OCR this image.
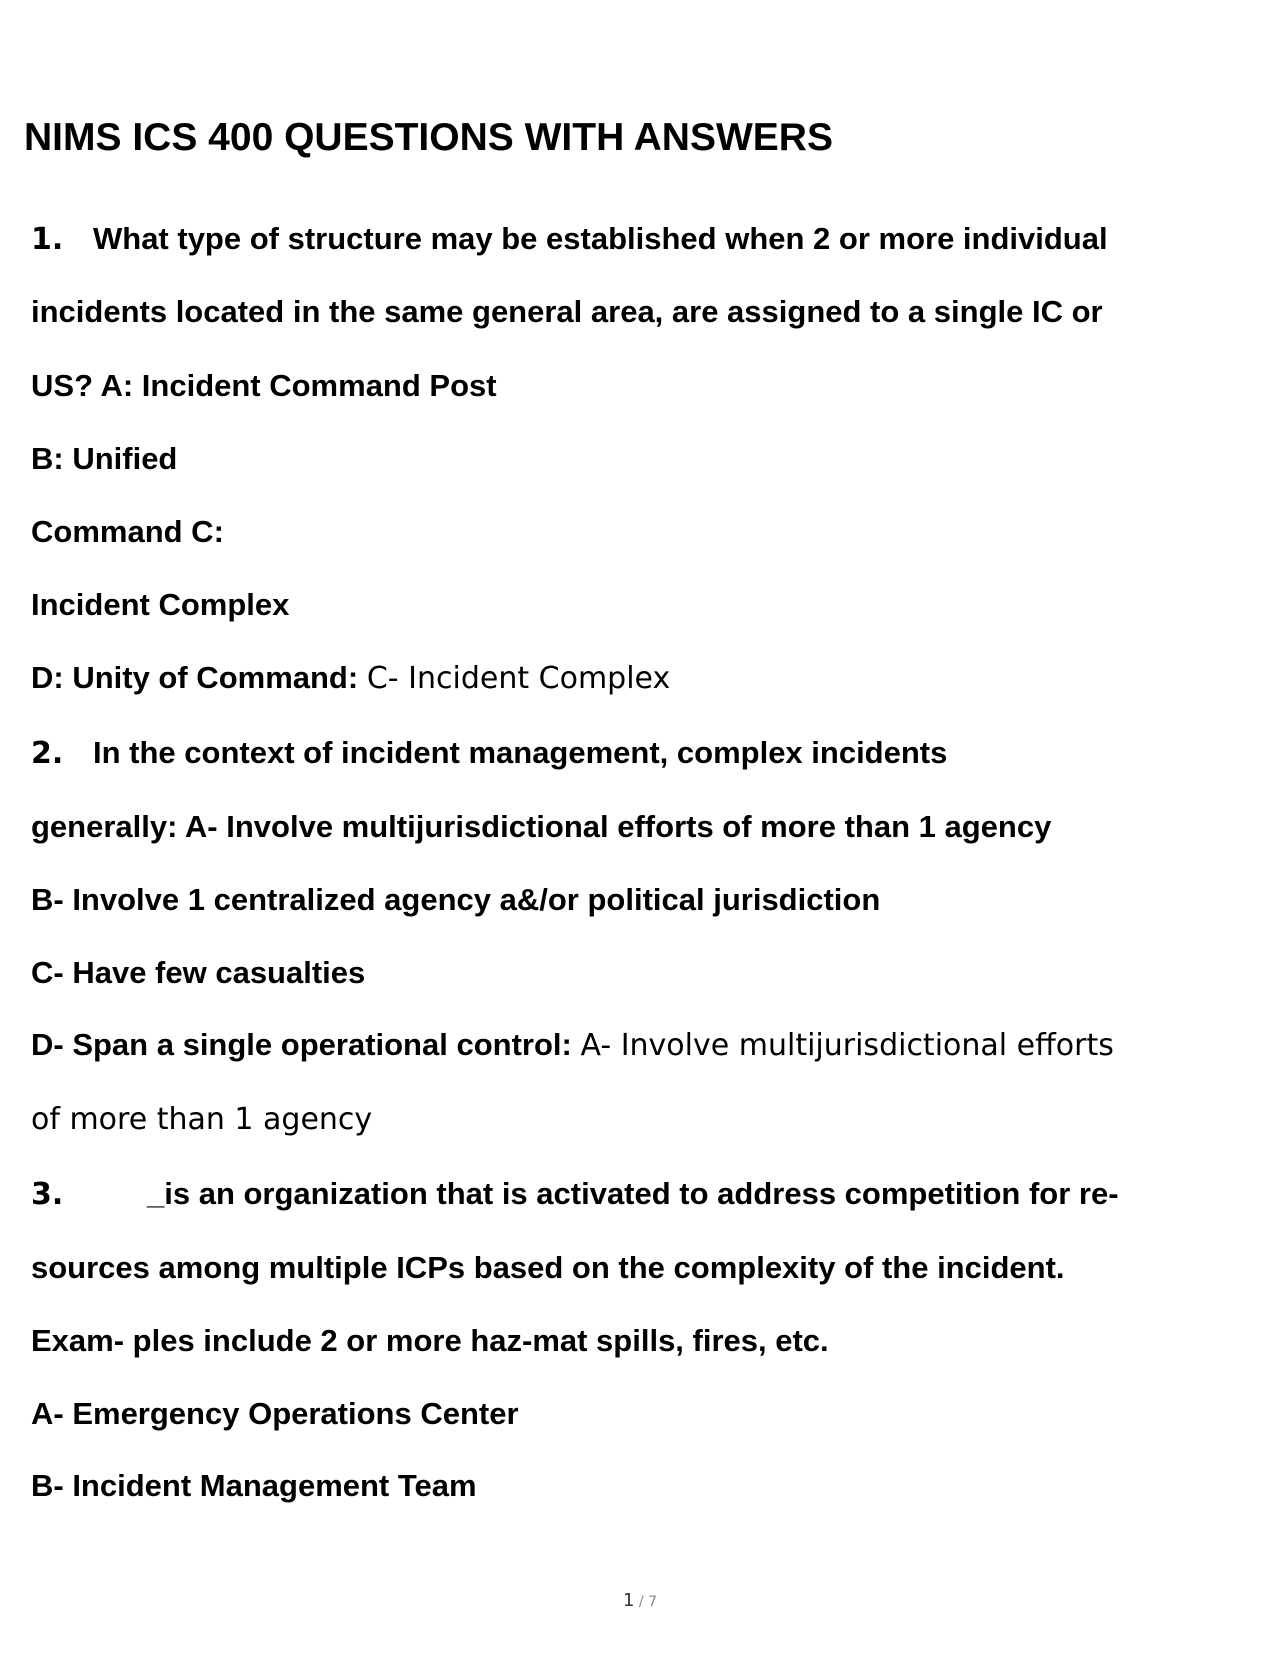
NIMS ICS 400 QUESTIONS WITH ANSWERS

1. What type of structure may be established when 2 or more individual

incidents located in the same general area, are assigned to a single IC or

US? A: Incident Command Post

B: Unified

Command C:

Incident Complex

D: Unity of Command: C- Incident Complex

2. In the context of incident management, complex incidents

generally: A- Involve multijurisdictional efforts of more than 1 agency

B- Involve 1 centralized agency a&/or political jurisdiction

C- Have few casualties

D- Span a single operational control: A- Involve multijurisdictional efforts

of more than 1 agency

3.	_is an organization that is activated to address competition for re-

sources among multiple ICPs based on the complexity of the incident.

Exam- ples include 2 or more haz-mat spills, fires, etc.

A- Emergency Operations Center

B- Incident Management Team

1 / 7
